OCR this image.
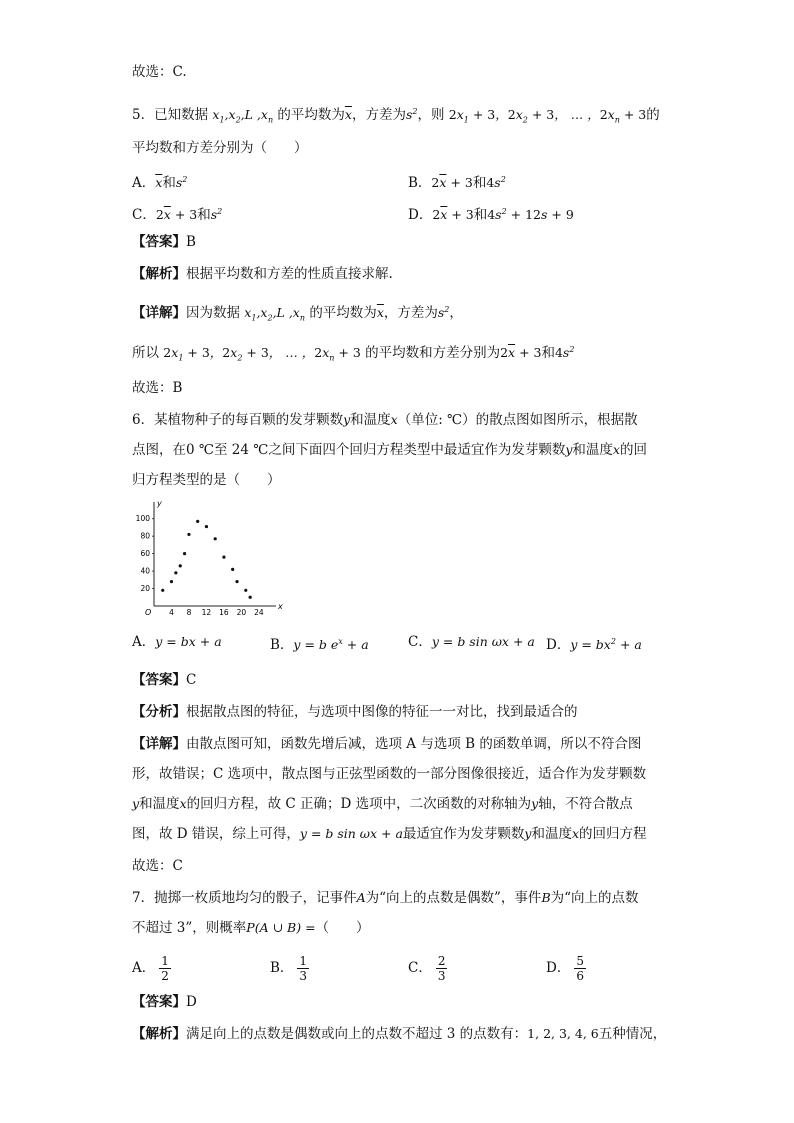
故选：C.
5．已知数据 $x_1,x_2,L$ $,x_n$ 的平均数为$\overline{x}$，方差为$s^2$，则 $2x_1 + 3$，$2x_2 + 3$， … ，$2x_n + 3$的
平均数和方差分别为（　　）
A．$\overline{x}$和$s^2$	B．$2\overline{x} + 3$和$4s^2$
C．$2\overline{x} + 3$和$s^2$	D．$2\overline{x} + 3$和$4s^2 + 12s + 9$
【答案】B
【解析】根据平均数和方差的性质直接求解.
【详解】因为数据 $x_1,x_2,L$ $,x_n$ 的平均数为$\overline{x}$，方差为$s^2$，
所以 $2x_1 + 3$，$2x_2 + 3$， … ，$2x_n + 3$ 的平均数和方差分别为$2\overline{x} + 3$和$4s^2$
故选：B
6．某植物种子的每百颗的发芽颗数y和温度x（单位: ℃）的散点图如图所示，根据散
点图，在0 ℃至 24 ℃之间下面四个回归方程类型中最适宜作为发芽颗数y和温度x的回
归方程类型的是（　　）
x
y
O 4 8 12 16 20 24
20
40
60
80
100
A．y = bx + a	B．y = b $e^x + a$	C．y = b sin ωx + a D．$y = bx^2 + a$
【答案】C
【分析】根据散点图的特征，与选项中图像的特征一一对比，找到最适合的
【详解】由散点图可知，函数先增后减，选项 A 与选项 B 的函数单调，所以不符合图
形，故错误；C 选项中，散点图与正弦型函数的一部分图像很接近，适合作为发芽颗数
y和温度x的回归方程，故 C 正确；D 选项中，二次函数的对称轴为y轴，不符合散点
图，故 D 错误，综上可得，y = b sin ωx + a最适宜作为发芽颗数y和温度x的回归方程
故选：C
7．抛掷一枚质地均匀的骰子，记事件A为“向上的点数是偶数”，事件B为“向上的点数
不超过 3”，则概率P(A ∪ B) =（　　）
A． $\frac{1}{2}$	B． $\frac{1}{3}$	C． $\frac{2}{3}$	D． $\frac{5}{6}$
【答案】D
【解析】满足向上的点数是偶数或向上的点数不超过 3 的点数有：1, 2, 3, 4, 6五种情况，
